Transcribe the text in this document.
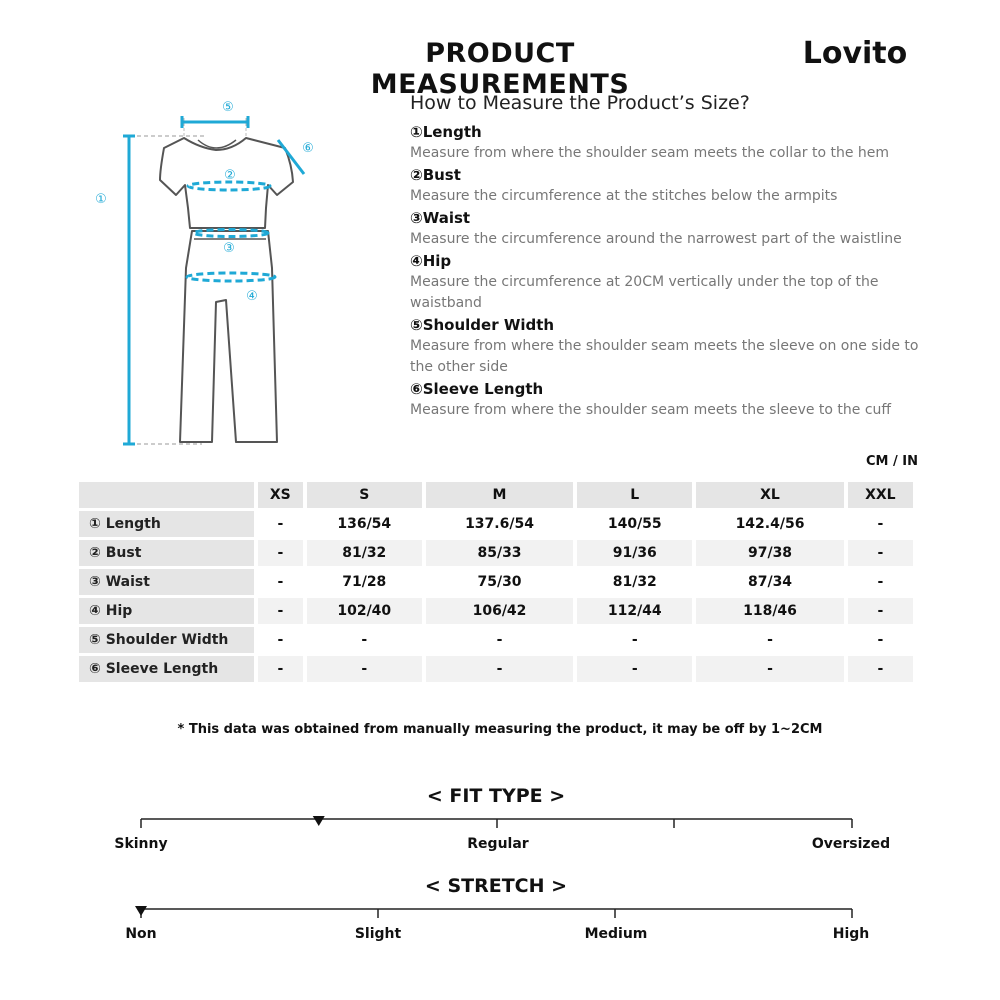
PRODUCT MEASUREMENTS
Lovito
①
②
③
④
⑤
⑥
How to Measure the Product’s Size?
①Length
Measure from where the shoulder seam meets the collar to the hem
②Bust
Measure the circumference at the stitches below the armpits
③Waist
Measure the circumference around the narrowest part of the waistline
④Hip
Measure the circumference at 20CM vertically under the top of the waistband
⑤Shoulder Width
Measure from where the shoulder seam meets the sleeve on one side to the other side
⑥Sleeve Length
Measure from where the shoulder seam meets the sleeve to the cuff
CM / IN
	XS	S	M	L	XL	XXL
① Length	-	136/54	137.6/54	140/55	142.4/56	-
② Bust	-	81/32	85/33	91/36	97/38	-
③ Waist	-	71/28	75/30	81/32	87/34	-
④ Hip	-	102/40	106/42	112/44	118/46	-
⑤ Shoulder Width	-	-	-	-	-	-
⑥ Sleeve Length	-	-	-	-	-	-
* This data was obtained from manually measuring the product, it may be off by 1~2CM
< FIT TYPE >
Skinny	Regular	Oversized
< STRETCH >
Non	Slight	Medium	High
